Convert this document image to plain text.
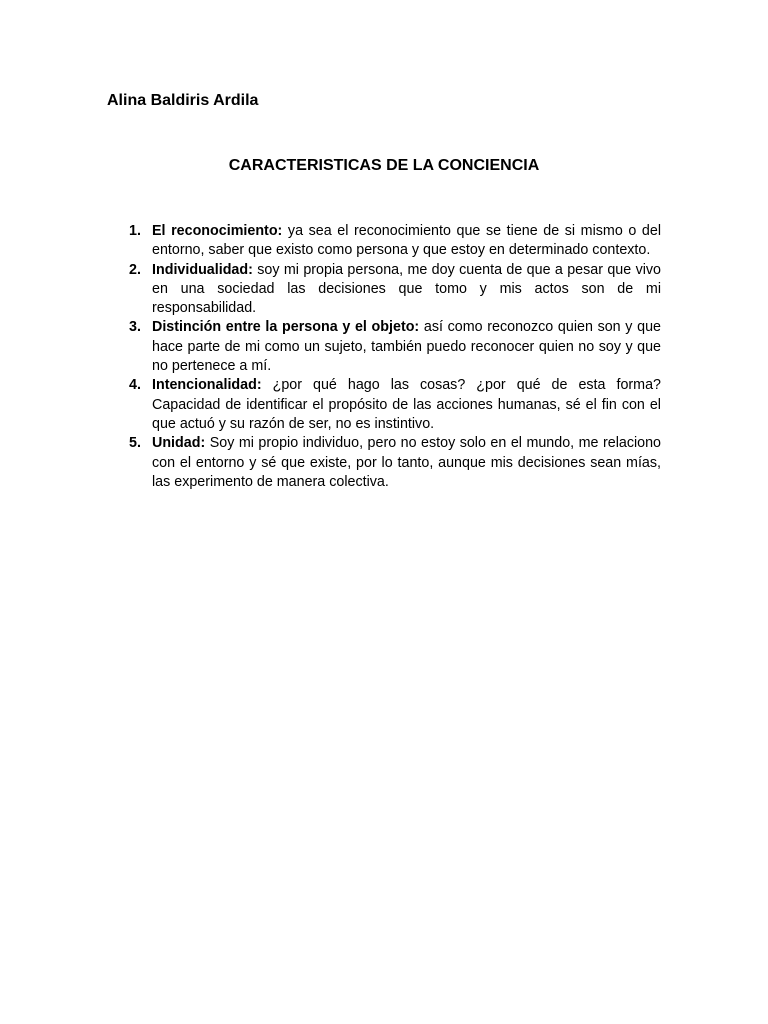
Alina Baldiris Ardila
CARACTERISTICAS DE LA CONCIENCIA
1. El reconocimiento: ya sea el reconocimiento que se tiene de si mismo o del entorno, saber que existo como persona y que estoy en determinado contexto.
2. Individualidad: soy mi propia persona, me doy cuenta de que a pesar que vivo en una sociedad las decisiones que tomo y mis actos son de mi responsabilidad.
3. Distinción entre la persona y el objeto: así como reconozco quien son y que hace parte de mi como un sujeto, también puedo reconocer quien no soy y que no pertenece a mí.
4. Intencionalidad: ¿por qué hago las cosas? ¿por qué de esta forma? Capacidad de identificar el propósito de las acciones humanas, sé el fin con el que actuó y su razón de ser, no es instintivo.
5. Unidad: Soy mi propio individuo, pero no estoy solo en el mundo, me relaciono con el entorno y sé que existe, por lo tanto, aunque mis decisiones sean mías, las experimento de manera colectiva.
